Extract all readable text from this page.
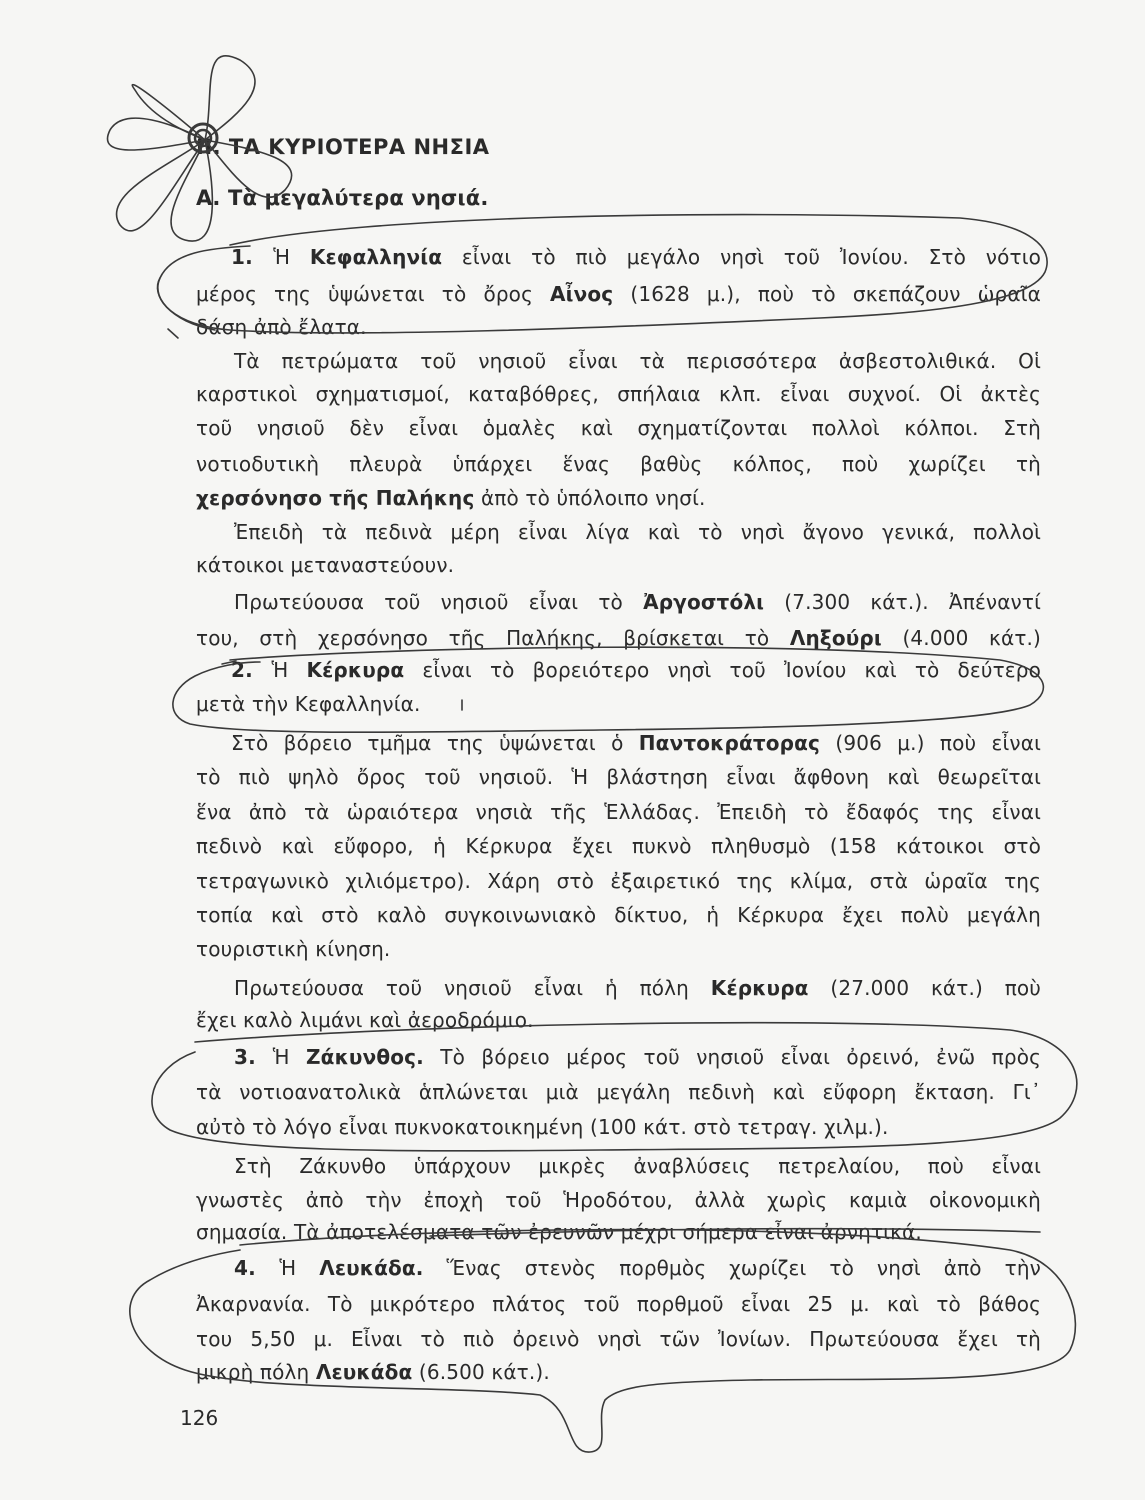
II. ΤΑ ΚΥΡΙΟΤΕΡΑ ΝΗΣΙΑ
Α. Τὰ μεγαλύτερα νησιά.
1. Ἡ Κεφαλληνία εἶναι τὸ πιὸ μεγάλο νησὶ τοῦ Ἰονίου. Στὸ νότιο
μέρος της ὑψώνεται τὸ ὄρος Αἶνος (1628 μ.), ποὺ τὸ σκεπάζουν ὡραῖα
δάση ἀπὸ ἔλατα.
Τὰ πετρώματα τοῦ νησιοῦ εἶναι τὰ περισσότερα ἀσβεστολιθικά. Οἱ
καρστικοὶ σχηματισμοί, καταβόθρες, σπήλαια κλπ. εἶναι συχνοί. Οἱ ἀκτὲς
τοῦ νησιοῦ δὲν εἶναι ὁμαλὲς καὶ σχηματίζονται πολλοὶ κόλποι. Στὴ
νοτιοδυτικὴ πλευρὰ ὑπάρχει ἕνας βαθὺς κόλπος, ποὺ χωρίζει τὴ
χερσόνησο τῆς Παλήκης ἀπὸ τὸ ὑπόλοιπο νησί.
Ἐπειδὴ τὰ πεδινὰ μέρη εἶναι λίγα καὶ τὸ νησὶ ἄγονο γενικά, πολλοὶ
κάτοικοι μεταναστεύουν.
Πρωτεύουσα τοῦ νησιοῦ εἶναι τὸ Ἀργοστόλι (7.300 κάτ.). Ἀπέναντί
του, στὴ χερσόνησο τῆς Παλήκης, βρίσκεται τὸ Ληξούρι (4.000 κάτ.)
2. Ἡ Κέρκυρα εἶναι τὸ βορειότερο νησὶ τοῦ Ἰονίου καὶ τὸ δεύτερο
μετὰ τὴν Κεφαλληνία.
Στὸ βόρειο τμῆμα της ὑψώνεται ὁ Παντοκράτορας (906 μ.) ποὺ εἶναι
τὸ πιὸ ψηλὸ ὄρος τοῦ νησιοῦ. Ἡ βλάστηση εἶναι ἄφθονη καὶ θεωρεῖται
ἕνα ἀπὸ τὰ ὡραιότερα νησιὰ τῆς Ἑλλάδας. Ἐπειδὴ τὸ ἔδαφός της εἶναι
πεδινὸ καὶ εὔφορο, ἡ Κέρκυρα ἔχει πυκνὸ πληθυσμὸ (158 κάτοικοι στὸ
τετραγωνικὸ χιλιόμετρο). Χάρη στὸ ἐξαιρετικό της κλίμα, στὰ ὡραῖα της
τοπία καὶ στὸ καλὸ συγκοινωνιακὸ δίκτυο, ἡ Κέρκυρα ἔχει πολὺ μεγάλη
τουριστικὴ κίνηση.
Πρωτεύουσα τοῦ νησιοῦ εἶναι ἡ πόλη Κέρκυρα (27.000 κάτ.) ποὺ
ἔχει καλὸ λιμάνι καὶ ἀεροδρόμιο.
3. Ἡ Ζάκυνθος. Τὸ βόρειο μέρος τοῦ νησιοῦ εἶναι ὀρεινό, ἐνῶ πρὸς
τὰ νοτιοανατολικὰ ἁπλώνεται μιὰ μεγάλη πεδινὴ καὶ εὔφορη ἔκταση. Γι᾿
αὐτὸ τὸ λόγο εἶναι πυκνοκατοικημένη (100 κάτ. στὸ τετραγ. χιλμ.).
Στὴ Ζάκυνθο ὑπάρχουν μικρὲς ἀναβλύσεις πετρελαίου, ποὺ εἶναι
γνωστὲς ἀπὸ τὴν ἐποχὴ τοῦ Ἡροδότου, ἀλλὰ χωρὶς καμιὰ οἰκονομικὴ
σημασία. Τὰ ἀποτελέσματα τῶν ἐρευνῶν μέχρι σήμερα εἶναι ἀρνητικά.
4. Ἡ Λευκάδα. Ἕνας στενὸς πορθμὸς χωρίζει τὸ νησὶ ἀπὸ τὴν
Ἀκαρνανία. Τὸ μικρότερο πλάτος τοῦ πορθμοῦ εἶναι 25 μ. καὶ τὸ βάθος
του 5,50 μ. Εἶναι τὸ πιὸ ὀρεινὸ νησὶ τῶν Ἰονίων. Πρωτεύουσα ἔχει τὴ
μικρὴ πόλη Λευκάδα (6.500 κάτ.).
126
